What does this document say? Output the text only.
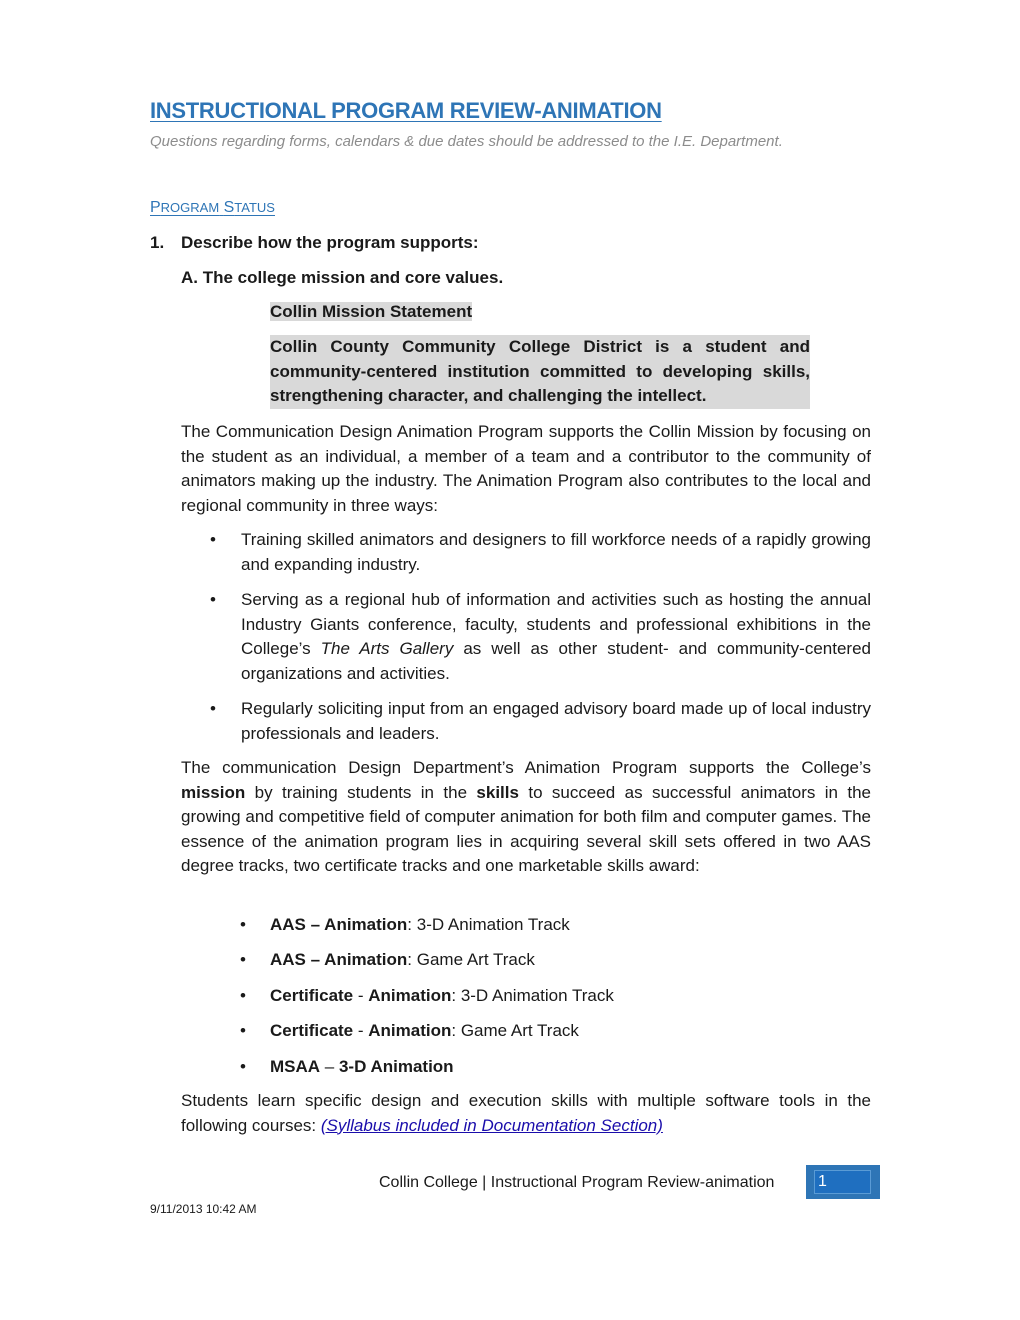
INSTRUCTIONAL PROGRAM REVIEW-ANIMATION
Questions regarding forms, calendars & due dates should be addressed to the I.E. Department.
PROGRAM STATUS
1. Describe how the program supports:
A. The college mission and core values.
Collin Mission Statement
Collin County Community College District is a student and community-centered institution committed to developing skills, strengthening character, and challenging the intellect.
The Communication Design Animation Program supports the Collin Mission by focusing on the student as an individual, a member of a team and a contributor to the community of animators making up the industry. The Animation Program also contributes to the local and regional community in three ways:
•	Training skilled animators and designers to fill workforce needs of a rapidly growing and expanding industry.
•	Serving as a regional hub of information and activities such as hosting the annual Industry Giants conference, faculty, students and professional exhibitions in the College’s The Arts Gallery as well as other student- and community-centered organizations and activities.
•	Regularly soliciting input from an engaged advisory board made up of local industry professionals and leaders.
The communication Design Department’s Animation Program supports the College’s mission by training students in the skills to succeed as successful animators in the growing and competitive field of computer animation for both film and computer games. The essence of the animation program lies in acquiring several skill sets offered in two AAS degree tracks, two certificate tracks and one marketable skills award:
• AAS – Animation: 3-D Animation Track
• AAS – Animation: Game Art Track
• Certificate - Animation: 3-D Animation Track
• Certificate - Animation: Game Art Track
• MSAA – 3-D Animation
Students learn specific design and execution skills with multiple software tools in the following courses: (Syllabus included in Documentation Section)
Collin College | Instructional Program Review-animation	1
9/11/2013 10:42 AM
